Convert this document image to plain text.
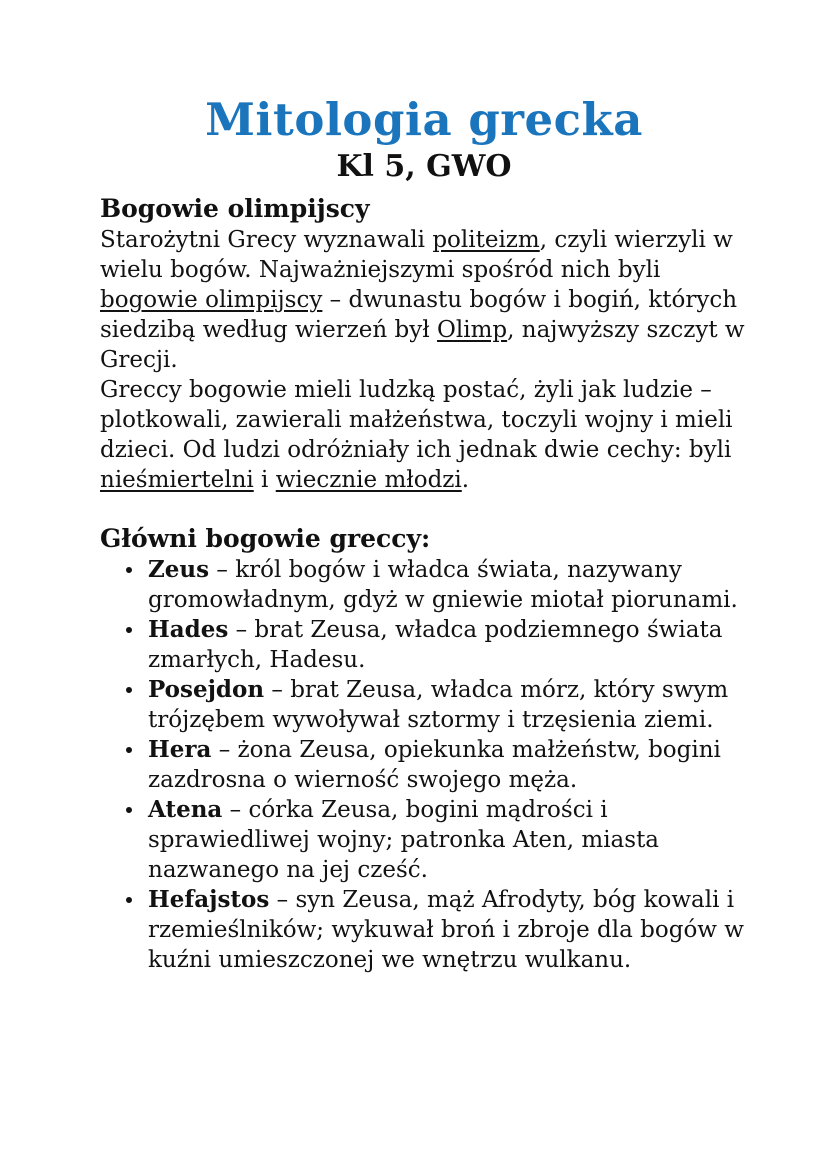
Mitologia grecka
Kl 5, GWO
Bogowie olimpijscy

Starożytni Grecy wyznawali politeizm, czyli wierzyli w wielu bogów. Najważniejszymi spośród nich byli bogowie olimpijscy – dwunastu bogów i bogiń, których siedzibą według wierzeń był Olimp, najwyższy szczyt w Grecji.

Greccy bogowie mieli ludzką postać, żyli jak ludzie – plotkowali, zawierali małżeństwa, toczyli wojny i mieli dzieci. Od ludzi odróżniały ich jednak dwie cechy: byli nieśmiertelni i wiecznie młodzi.

Główni bogowie greccy:
Zeus – król bogów i władca świata, nazywany gromowładnym, gdyż w gniewie miotał piorunami.
Hades – brat Zeusa, władca podziemnego świata zmarłych, Hadesu.
Posejdon – brat Zeusa, władca mórz, który swym trójzębem wywoływał sztormy i trzęsienia ziemi.
Hera – żona Zeusa, opiekunka małżeństw, bogini zazdrosna o wierność swojego męża.
Atena – córka Zeusa, bogini mądrości i sprawiedliwej wojny; patronka Aten, miasta nazwanego na jej cześć.
Hefajstos – syn Zeusa, mąż Afrodyty, bóg kowali i rzemieślników; wykuwał broń i zbroje dla bogów w kuźni umieszczonej we wnętrzu wulkanu.
